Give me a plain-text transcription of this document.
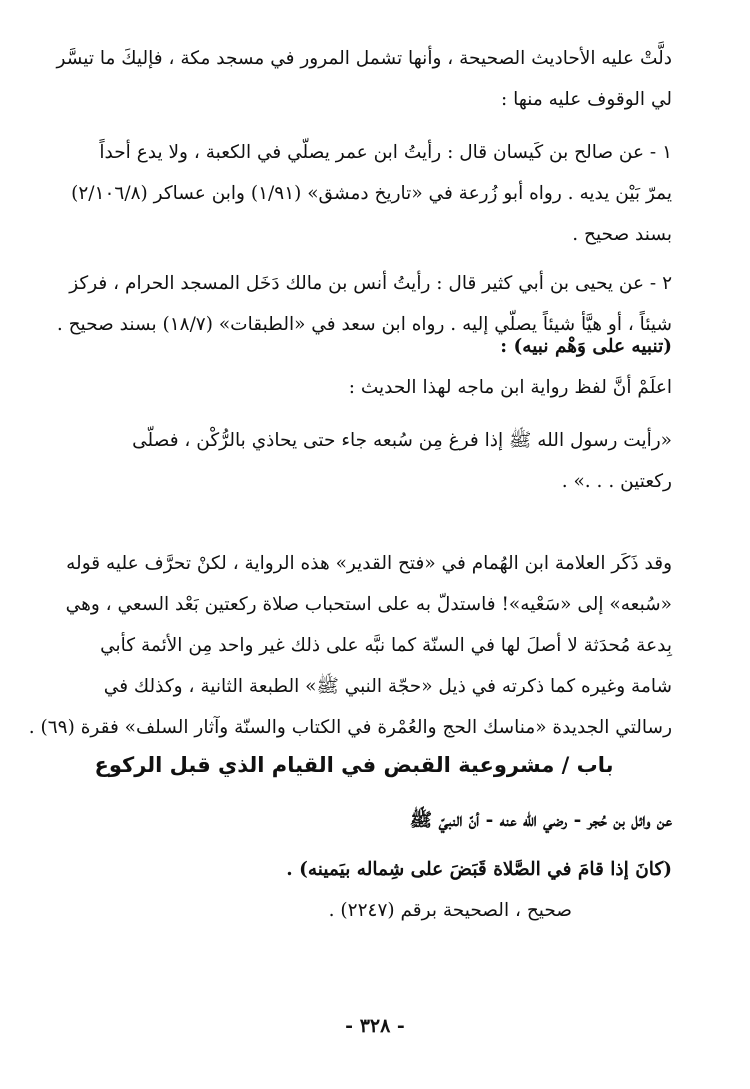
دلَّتْ عليه الأحاديث الصحيحة ، وأنها تشمل المرور في مسجد مكة ، فإليكَ ما تيسَّر
لي الوقوف عليه منها :
١ - عن صالح بن كَيسان قال : رأيتُ ابن عمر يصلّي في الكعبة ، ولا يدع أحداً
يمرّ بَيْن يديه . رواه أبو زُرعة في «تاريخ دمشق» (١/٩١) وابن عساكر (٢/١٠٦/٨)
بسند صحيح .
٢ - عن يحيى بن أبي كثير قال : رأيتُ أنس بن مالك دَخَل المسجد الحرام ، فركز
شيئاً ، أو هيَّأ شيئاً يصلّي إليه . رواه ابن سعد في «الطبقات» (١٨/٧) بسند صحيح .
(تنبيه على وَهْم نبيه) :
اعلَمْ أنَّ لفظ رواية ابن ماجه لهذا الحديث :
«رأيت رسول الله ﷺ إذا فرغ مِن سُبعه جاء حتى يحاذي بالرُّكْن ، فصلّى
ركعتين . . .» .
وقد ذَكَر العلامة ابن الهُمام في «فتح القدير» هذه الرواية ، لكنْ تحرَّف عليه قوله
«سُبعه» إلى «سَعْيه»! فاستدلّ به على استحباب صلاة ركعتين بَعْد السعي ، وهي
بِدعة مُحدَثة لا أصلَ لها في السنّة كما نبَّه على ذلك غير واحد مِن الأئمة كأبي
شامة وغيره كما ذكرته في ذيل «حجّة النبي ﷺ» الطبعة الثانية ، وكذلك في
رسالتي الجديدة «مناسك الحج والعُمْرة في الكتاب والسنّة وآثار السلف» فقرة (٦٩) .
باب / مشروعية القبض في القيام الذي قبل الركوع
عن وائل بن حُجر - رضي الله عنه - أنّ النبيّ ﷺ
(كانَ إذا قامَ في الصَّلاة قَبَضَ على شِماله بيَمينه) .
صحيح ، الصحيحة برقم (٢٢٤٧) .
- ٣٢٨ -
